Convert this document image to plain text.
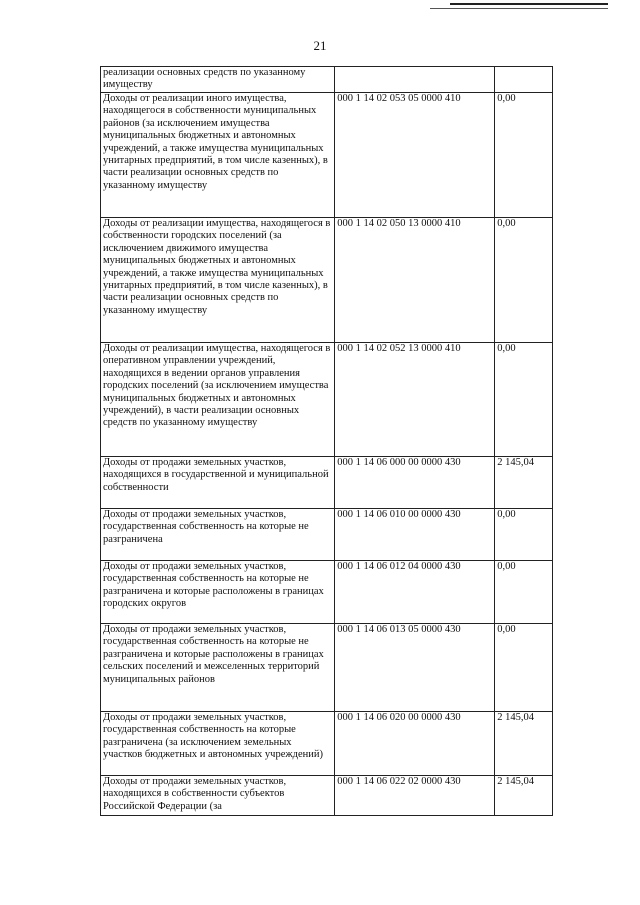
21
реализации основных средств по указанному имуществу		
Доходы от реализации иного имущества, находящегося в собственности муниципальных районов (за исключением имущества муниципальных бюджетных и автономных учреждений, а также имущества муниципальных унитарных предприятий, в том числе казенных), в части реализации основных средств по указанному имуществу	000 1 14 02 053 05 0000 410	0,00
Доходы от реализации имущества, находящегося в собственности городских поселений (за исключением движимого имущества муниципальных бюджетных и автономных учреждений, а также имущества муниципальных унитарных предприятий, в том числе казенных), в части реализации основных средств по указанному имуществу	000 1 14 02 050 13 0000 410	0,00
Доходы от реализации имущества, находящегося в оперативном управлении учреждений, находящихся в ведении органов управления городских поселений (за исключением имущества муниципальных бюджетных и автономных учреждений), в части реализации основных средств по указанному имуществу	000 1 14 02 052 13 0000 410	0,00
Доходы от продажи земельных участков, находящихся в государственной и муниципальной собственности	000 1 14 06 000 00 0000 430	2 145,04
Доходы от продажи земельных участков, государственная собственность на которые не разграничена	000 1 14 06 010 00 0000 430	0,00
Доходы от продажи земельных участков, государственная собственность на которые не разграничена и которые расположены в границах городских округов	000 1 14 06 012 04 0000 430	0,00
Доходы от продажи земельных участков, государственная собственность на которые не разграничена и которые расположены в границах сельских поселений и межселенных территорий муниципальных районов	000 1 14 06 013 05 0000 430	0,00
Доходы от продажи земельных участков, государственная собственность на которые разграничена (за исключением земельных участков бюджетных и автономных учреждений)	000 1 14 06 020 00 0000 430	2 145,04
Доходы от продажи земельных участков, находящихся в собственности субъектов Российской Федерации (за	000 1 14 06 022 02 0000 430	2 145,04
